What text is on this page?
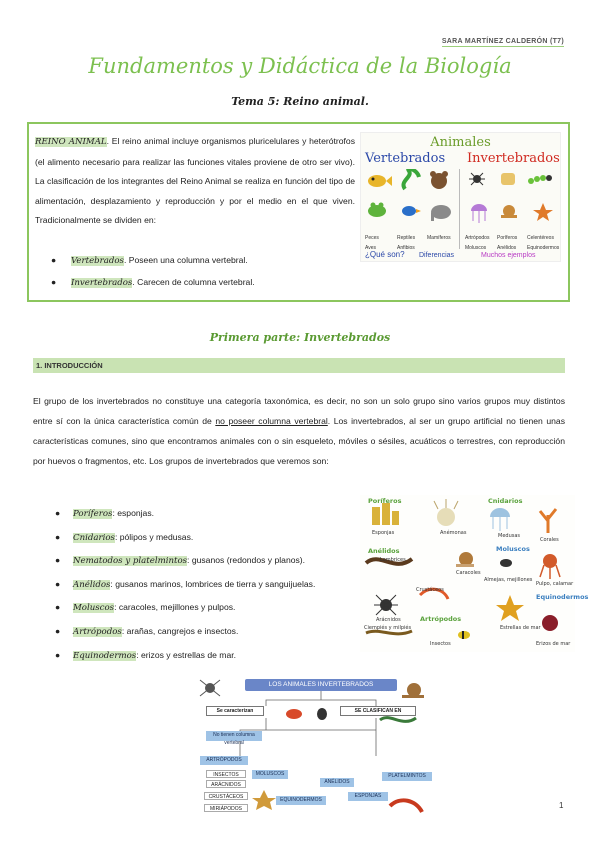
SARA MARTÍNEZ CALDERÓN (T7)
Fundamentos y Didáctica de la Biología
Tema 5: Reino animal.
REINO ANIMAL. El reino animal incluye organismos pluricelulares y heterótrofos (el alimento necesario para realizar las funciones vitales proviene de otro ser vivo). La clasificación de los integrantes del Reino Animal se realiza en función del tipo de alimentación, desplazamiento y reproducción y por el medio en el que viven. Tradicionalmente se dividen en:
● Vertebrados. Poseen una columna vertebral.
● Invertebrados. Carecen de columna vertebral.
Animales
Vertebrados Invertebrados
Peces	Reptiles Mamíferos
Aves	Anfibios
Artrópodos Poríferos Celentéreos
Moluscos Anélidos Equinodermos
¿Qué son? Diferencias	Muchos ejemplos
Primera parte: Invertebrados
1. INTRODUCCIÓN
El grupo de los invertebrados no constituye una categoría taxonómica, es decir, no son un solo grupo sino varios grupos muy distintos entre sí con la única característica común de no poseer columna vertebral. Los invertebrados, al ser un grupo artificial no tienen unas características comunes, sino que encontramos animales con o sin esqueleto, móviles o sésiles, acuáticos o terrestres, con reproducción por huevos o fragmentos, etc. Los grupos de invertebrados que veremos son:
● Poríferos: esponjas.
● Cnidarios: pólipos y medusas.
● Nematodos y platelmintos: gusanos (redondos y planos).
● Anélidos: gusanos marinos, lombrices de tierra y sanguijuelas.
● Moluscos: caracoles, mejillones y pulpos.
● Artrópodos: arañas, cangrejos e insectos.
● Equinodermos: erizos y estrellas de mar.
Poríferos
Esponjas
Cnidarios
Anémonas	Medusas
Corales
Anélidos
Lombrices
Moluscos
Caracoles
Almejas, mejillones
Pulpo, calamar
Crustáceos
Equinodermos
Arácnidos	Artrópodos
Ciempiés y milpiés
Insectos
Estrellas de mar
Erizos de mar
LOS ANIMALES INVERTEBRADOS
Se caracterizan
No tienen columna vertebral
SE CLASIFICAN EN
ARTRÓPODOS
INSECTOS
ARÁCNIDOS
CRUSTÁCEOS
MIRIÁPODOS
MOLUSCOS
ANÉLIDOS
PLATELMINTOS
EQUINODERMOS
ESPONJAS
1
